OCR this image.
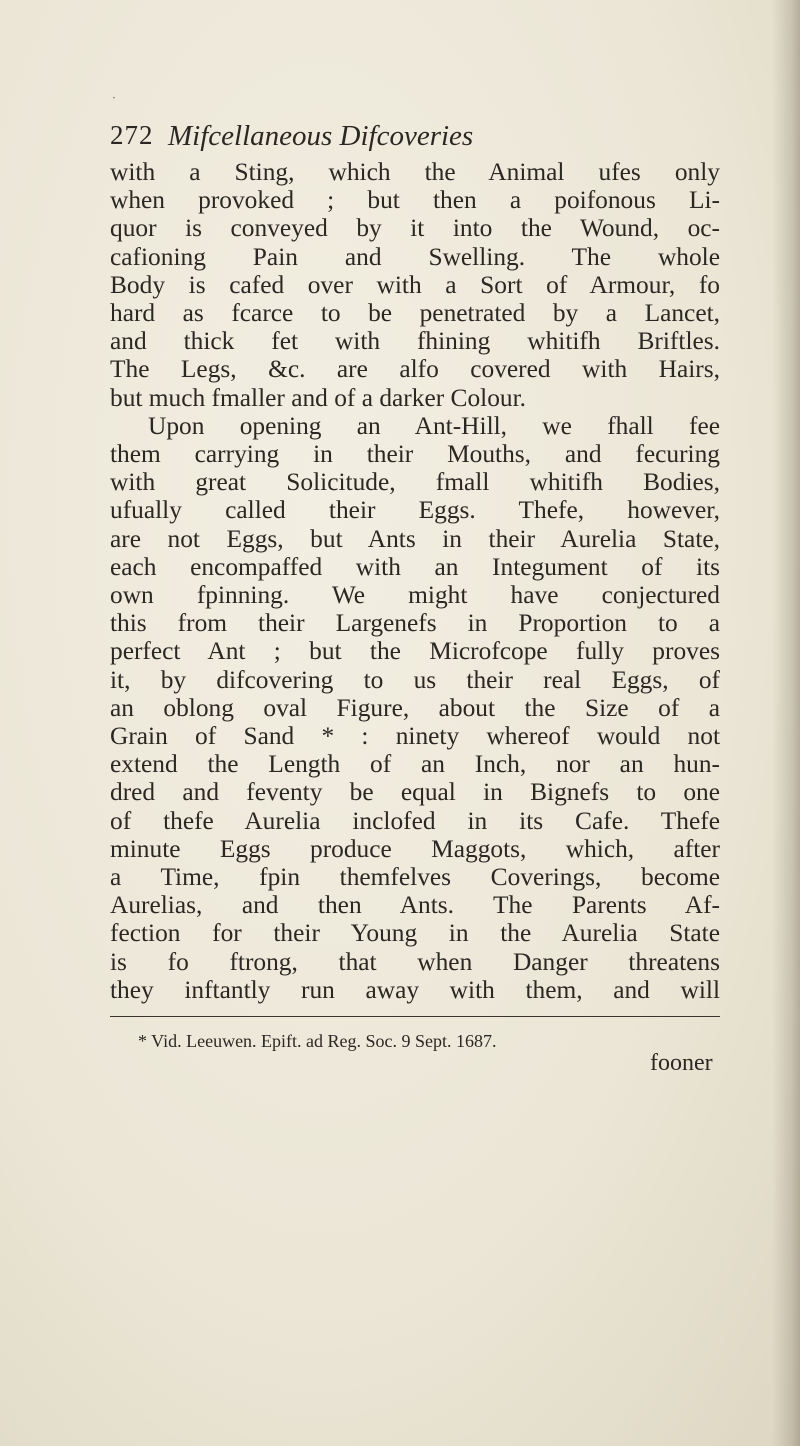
·
272 Mifcellaneous Difcoveries
with a Sting, which the Animal ufes only
when provoked ; but then a poifonous Li-
quor is conveyed by it into the Wound, oc-
cafioning Pain and Swelling. The whole
Body is cafed over with a Sort of Armour, fo
hard as fcarce to be penetrated by a Lancet,
and thick fet with fhining whitifh Briftles.
The Legs, &c. are alfo covered with Hairs,
but much fmaller and of a darker Colour.
Upon opening an Ant-Hill, we fhall fee
them carrying in their Mouths, and fecuring
with great Solicitude, fmall whitifh Bodies,
ufually called their Eggs. Thefe, however,
are not Eggs, but Ants in their Aurelia State,
each encompaffed with an Integument of its
own fpinning. We might have conjectured
this from their Largenefs in Proportion to a
perfect Ant ; but the Microfcope fully proves
it, by difcovering to us their real Eggs, of
an oblong oval Figure, about the Size of a
Grain of Sand * : ninety whereof would not
extend the Length of an Inch, nor an hun-
dred and feventy be equal in Bignefs to one
of thefe Aurelia inclofed in its Cafe. Thefe
minute Eggs produce Maggots, which, after
a Time, fpin themfelves Coverings, become
Aurelias, and then Ants. The Parents Af-
fection for their Young in the Aurelia State
is fo ftrong, that when Danger threatens
they inftantly run away with them, and will
* Vid. Leeuwen. Epift. ad Reg. Soc. 9 Sept. 1687.
fooner
